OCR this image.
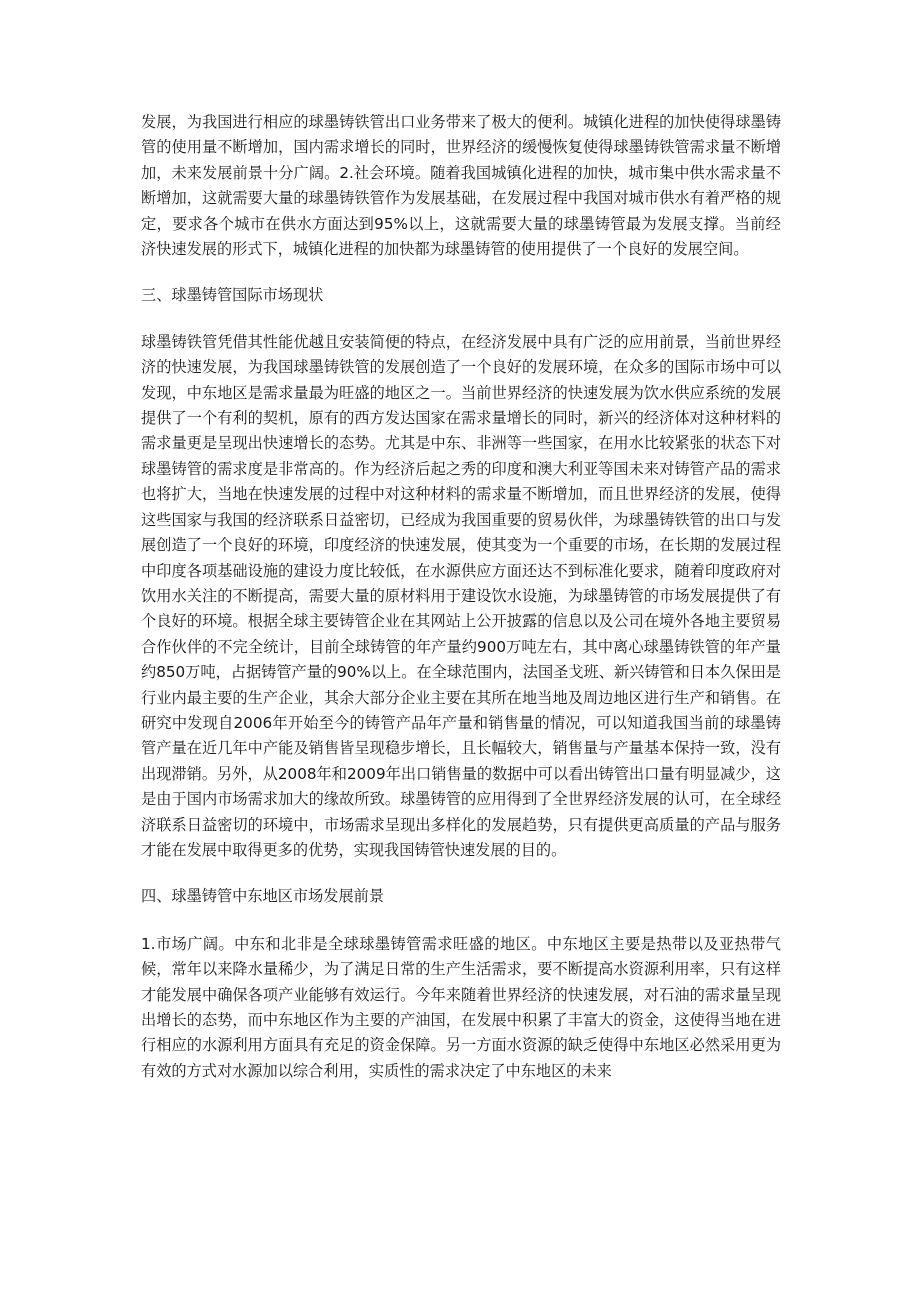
发展，为我国进行相应的球墨铸铁管出口业务带来了极大的便利。城镇化进程的加快使得球墨铸管的使用量不断增加，国内需求增长的同时，世界经济的缓慢恢复使得球墨铸铁管需求量不断增加，未来发展前景十分广阔。2.社会环境。随着我国城镇化进程的加快，城市集中供水需求量不断增加，这就需要大量的球墨铸铁管作为发展基础，在发展过程中我国对城市供水有着严格的规定，要求各个城市在供水方面达到95%以上，这就需要大量的球墨铸管最为发展支撑。当前经济快速发展的形式下，城镇化进程的加快都为球墨铸管的使用提供了一个良好的发展空间。

三、球墨铸管国际市场现状

球墨铸铁管凭借其性能优越且安装简便的特点，在经济发展中具有广泛的应用前景，当前世界经济的快速发展，为我国球墨铸铁管的发展创造了一个良好的发展环境，在众多的国际市场中可以发现，中东地区是需求量最为旺盛的地区之一。当前世界经济的快速发展为饮水供应系统的发展提供了一个有利的契机，原有的西方发达国家在需求量增长的同时，新兴的经济体对这种材料的需求量更是呈现出快速增长的态势。尤其是中东、非洲等一些国家，在用水比较紧张的状态下对球墨铸管的需求度是非常高的。作为经济后起之秀的印度和澳大利亚等国未来对铸管产品的需求也将扩大，当地在快速发展的过程中对这种材料的需求量不断增加，而且世界经济的发展，使得这些国家与我国的经济联系日益密切，已经成为我国重要的贸易伙伴，为球墨铸铁管的出口与发展创造了一个良好的环境，印度经济的快速发展，使其变为一个重要的市场，在长期的发展过程中印度各项基础设施的建设力度比较低，在水源供应方面还达不到标准化要求，随着印度政府对饮用水关注的不断提高，需要大量的原材料用于建设饮水设施，为球墨铸管的市场发展提供了有个良好的环境。根据全球主要铸管企业在其网站上公开披露的信息以及公司在境外各地主要贸易合作伙伴的不完全统计，目前全球铸管的年产量约900万吨左右，其中离心球墨铸铁管的年产量约850万吨，占据铸管产量的90%以上。在全球范围内，法国圣戈班、新兴铸管和日本久保田是行业内最主要的生产企业，其余大部分企业主要在其所在地当地及周边地区进行生产和销售。在研究中发现自2006年开始至今的铸管产品年产量和销售量的情况，可以知道我国当前的球墨铸管产量在近几年中产能及销售皆呈现稳步增长，且长幅较大，销售量与产量基本保持一致，没有出现滞销。另外，从2008年和2009年出口销售量的数据中可以看出铸管出口量有明显减少，这是由于国内市场需求加大的缘故所致。球墨铸管的应用得到了全世界经济发展的认可，在全球经济联系日益密切的环境中，市场需求呈现出多样化的发展趋势，只有提供更高质量的产品与服务才能在发展中取得更多的优势，实现我国铸管快速发展的目的。

四、球墨铸管中东地区市场发展前景

1.市场广阔。中东和北非是全球球墨铸管需求旺盛的地区。中东地区主要是热带以及亚热带气候，常年以来降水量稀少，为了满足日常的生产生活需求，要不断提高水资源利用率，只有这样才能发展中确保各项产业能够有效运行。今年来随着世界经济的快速发展，对石油的需求量呈现出增长的态势，而中东地区作为主要的产油国，在发展中积累了丰富大的资金，这使得当地在进行相应的水源利用方面具有充足的资金保障。另一方面水资源的缺乏使得中东地区必然采用更为有效的方式对水源加以综合利用，实质性的需求决定了中东地区的未来
